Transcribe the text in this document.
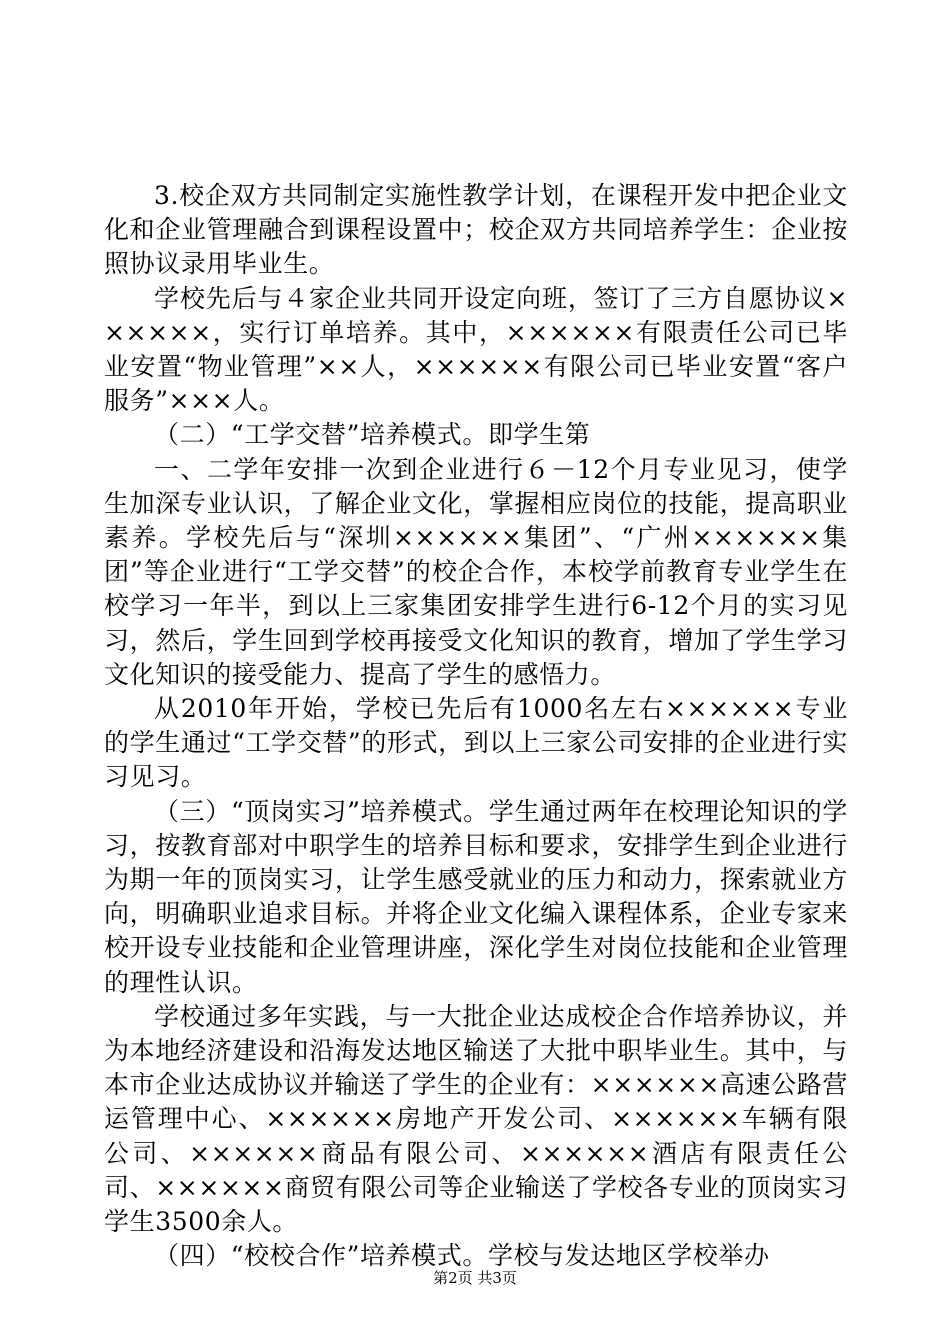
3.校企双方共同制定实施性教学计划，在课程开发中把企业文化和企业管理融合到课程设置中；校企双方共同培养学生：企业按照协议录用毕业生。

学校先后与４家企业共同开设定向班，签订了三方自愿协议××××××，实行订单培养。其中，××××××有限责任公司已毕业安置“物业管理”××人，××××××有限公司已毕业安置“客户服务”×××人。

（二）“工学交替”培养模式。即学生第

一、二学年安排一次到企业进行６－12个月专业见习，使学生加深专业认识，了解企业文化，掌握相应岗位的技能，提高职业素养。学校先后与“深圳××××××集团”、“广州××××××集团”等企业进行“工学交替”的校企合作，本校学前教育专业学生在校学习一年半，到以上三家集团安排学生进行6-12个月的实习见习，然后，学生回到学校再接受文化知识的教育，增加了学生学习文化知识的接受能力、提高了学生的感悟力。

从2010年开始，学校已先后有1000名左右××××××专业的学生通过“工学交替”的形式，到以上三家公司安排的企业进行实习见习。

（三）“顶岗实习”培养模式。学生通过两年在校理论知识的学习，按教育部对中职学生的培养目标和要求，安排学生到企业进行为期一年的顶岗实习，让学生感受就业的压力和动力，探索就业方向，明确职业追求目标。并将企业文化编入课程体系，企业专家来校开设专业技能和企业管理讲座，深化学生对岗位技能和企业管理的理性认识。

学校通过多年实践，与一大批企业达成校企合作培养协议，并为本地经济建设和沿海发达地区输送了大批中职毕业生。其中，与本市企业达成协议并输送了学生的企业有：××××××高速公路营运管理中心、××××××房地产开发公司、××××××车辆有限公司、××××××商品有限公司、××××××酒店有限责任公司、××××××商贸有限公司等企业输送了学校各专业的顶岗实习学生3500余人。

（四）“校校合作”培养模式。学校与发达地区学校举办

第2页 共3页
